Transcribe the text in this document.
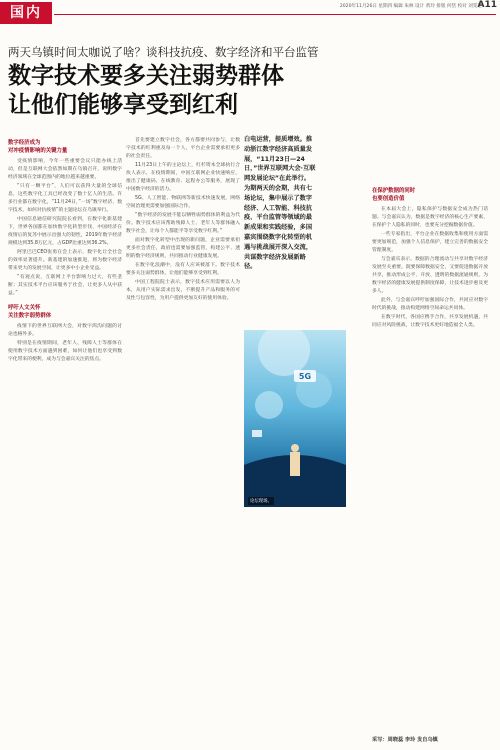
国内	2020年11月26日 星期四 编辑 朱林 设计 黄玲 排版 何恬 校对 刘雯芝
A11
两天乌镇时间太咖说了啥？谈科技抗疫、数字经济和平台监管
数字技术要多关注弱势群体
让他们能够享受到红利
数字经济成为
对冲疫情影响的关键力量

受疫情影响，今年一些重要会议只能办线上活动，但是互联网大会依然如期在乌镇召开，说明数字经济领域在全球范围内的地位越来越重要。

“只有一颗平台”，人们可以获得大量的全球信息，这些数字化工具已经改变了数十亿人的生活。许多行业都在数字化，“11月24日，”一场“数字经济、数字技术，如何对抗疫情”的主题论坛在乌镇举行。

中国信息通信研究院院长看到，在数字化新基建下，世界各国都在加快数字化转型步伐，中国经济在疫情后的复苏中展示出强大的韧性，2019年数字经济规模达到35.8万亿元，占GDP比重达到36.2%。

阿里巴巴CEO张勇在会上表示，数字化让全社会的效率显著提升。新基建的加速推进，将为数字经济带来更大的发展空间，让更多中小企业受益。

“有观点说，互联网上平台影响力过大，有些垄断；其实技术平台应该服务于社会，让更多人从中获益。”

呼吁人文关怀
关注数字弱势群体

疫情下的世界互联网大会，对数字鸿沟问题的讨论也格外多。

特别是在疫情期间，老年人、残障人士等群体在使用数字技术方面遇到困难，如何让他们也享受到数字化带来的便利，成为与会嘉宾关注的焦点。

首先要建立数字社会，各方都要共同参与，让数字技术的红利惠及每一个人，平台企业需要承担更多的社会责任。

11月23日上午的主论坛上，红杉资本全球执行合伙人表示，在疫情期间，中国互联网企业快速响应，推出了健康码、在线教育、远程办公等服务，展现了中国数字经济的活力。

5G、人工智能、物联网等新技术快速发展，网络空间治理更需要加强国际合作。

“数字经济的发展不能以牺牲弱势群体的利益为代价。数字技术应该帮助残障人士、老年人等群体融入数字社会，让每个人都能平等享受数字红利。”

面对数字化转型中出现的新问题，企业需要承担更多社会责任，政府也需要加强监管，构建公平、透明的数字经济规则，共同推动行业健康发展。

在数字化浪潮中，没有人应该被落下。数字技术要多关注弱势群体，让他们能够享受到红利。

中国工程院院士表示，数字技术应用需要以人为本，从用户实际需求出发，不断提升产品和服务的可及性与包容性，为用户提供更加友好的使用体验。

白电运营，提质增效。推动浙江数字经济高质量发展，“11月23日—24日，”世界互联网大会·互联网发展论坛”在此举行。为期两天的会期，共有七场论坛，集中展示了数字经济、人工智能、科技抗疫、平台监管等领域的最新成果和实践经验，多国嘉宾围绕数字化转型的机遇与挑战展开深入交流，共谋数字经济发展新路径。

5G
论坛现场。
在保护数据的同时
也要创造价值

在本届大会上，隐私保护与数据安全成为热门话题。与会嘉宾认为，数据是数字经济的核心生产要素，在保护个人隐私的同时，也要充分挖掘数据价值。

一些专家指出，平台企业在数据收集和使用方面需要更加规范，加强个人信息保护，建立完善的数据安全管理制度。

与会嘉宾表示，数据的合理流动与共享对数字经济发展至关重要。既要保障数据安全，又要促进数据开放共享，推动形成公平、开放、透明的数据流通规则，为数字经济的健康发展提供制度保障，让技术进步惠及更多人。

此外，与会嘉宾呼吁加强国际合作，共同应对数字时代的挑战，推动构建网络空间命运共同体。

在数字时代，各国应携手合作，共享发展机遇，共同应对风险挑战，让数字技术更好地造福全人类。

采写：周晓蕊 李玲 发自乌镇
